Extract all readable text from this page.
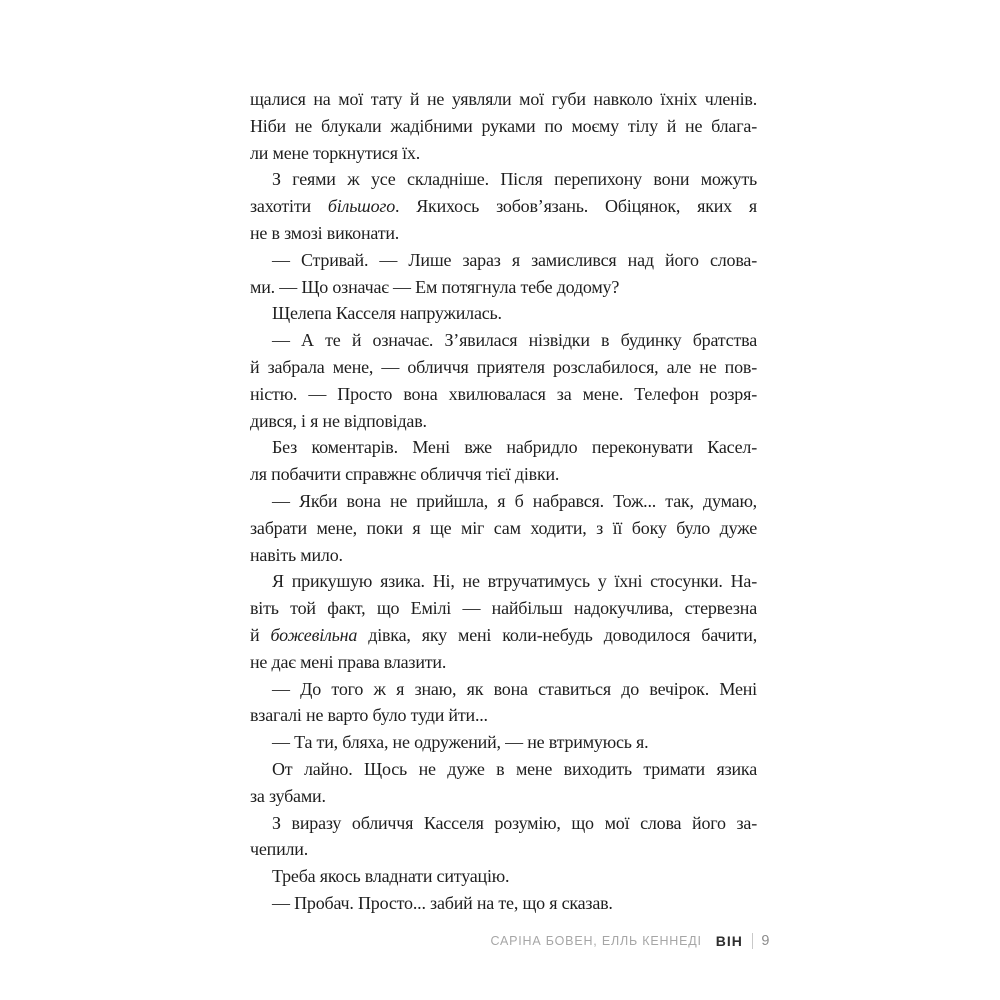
щалися на мої тату й не уявляли мої губи навколо їхніх членів.
Ніби не блукали жадібними руками по моєму тілу й не блага-
ли мене торкнутися їх.
З геями ж усе складніше. Після перепихону вони можуть
захотіти більшого. Якихось зобов’язань. Обіцянок, яких я
не в змозі виконати.
— Стривай. — Лише зараз я замислився над його слова-
ми. — Що означає — Ем потягнула тебе додому?
Щелепа Касселя напружилась.
— А те й означає. З’явилася нізвідки в будинку братства
й забрала мене, — обличчя приятеля розслабилося, але не пов-
ністю. — Просто вона хвилювалася за мене. Телефон розря-
дився, і я не відповідав.
Без коментарів. Мені вже набридло переконувати Касел-
ля побачити справжнє обличчя тієї дівки.
— Якби вона не прийшла, я б набрався. Тож... так, думаю,
забрати мене, поки я ще міг сам ходити, з її боку було дуже
навіть мило.
Я прикушую язика. Ні, не втручатимусь у їхні стосунки. На-
віть той факт, що Емілі — найбільш надокучлива, стервезна
й божевільна дівка, яку мені коли-небудь доводилося бачити,
не дає мені права влазити.
— До того ж я знаю, як вона ставиться до вечірок. Мені
взагалі не варто було туди йти...
— Та ти, бляха, не одружений, — не втримуюсь я.
От лайно. Щось не дуже в мене виходить тримати язика
за зубами.
З виразу обличчя Касселя розумію, що мої слова його за-
чепили.
Треба якось владнати ситуацію.
— Пробач. Просто... забий на те, що я сказав.
САРІНА БОВЕН, ЕЛЛЬ КЕННЕДІ ВІН 9
